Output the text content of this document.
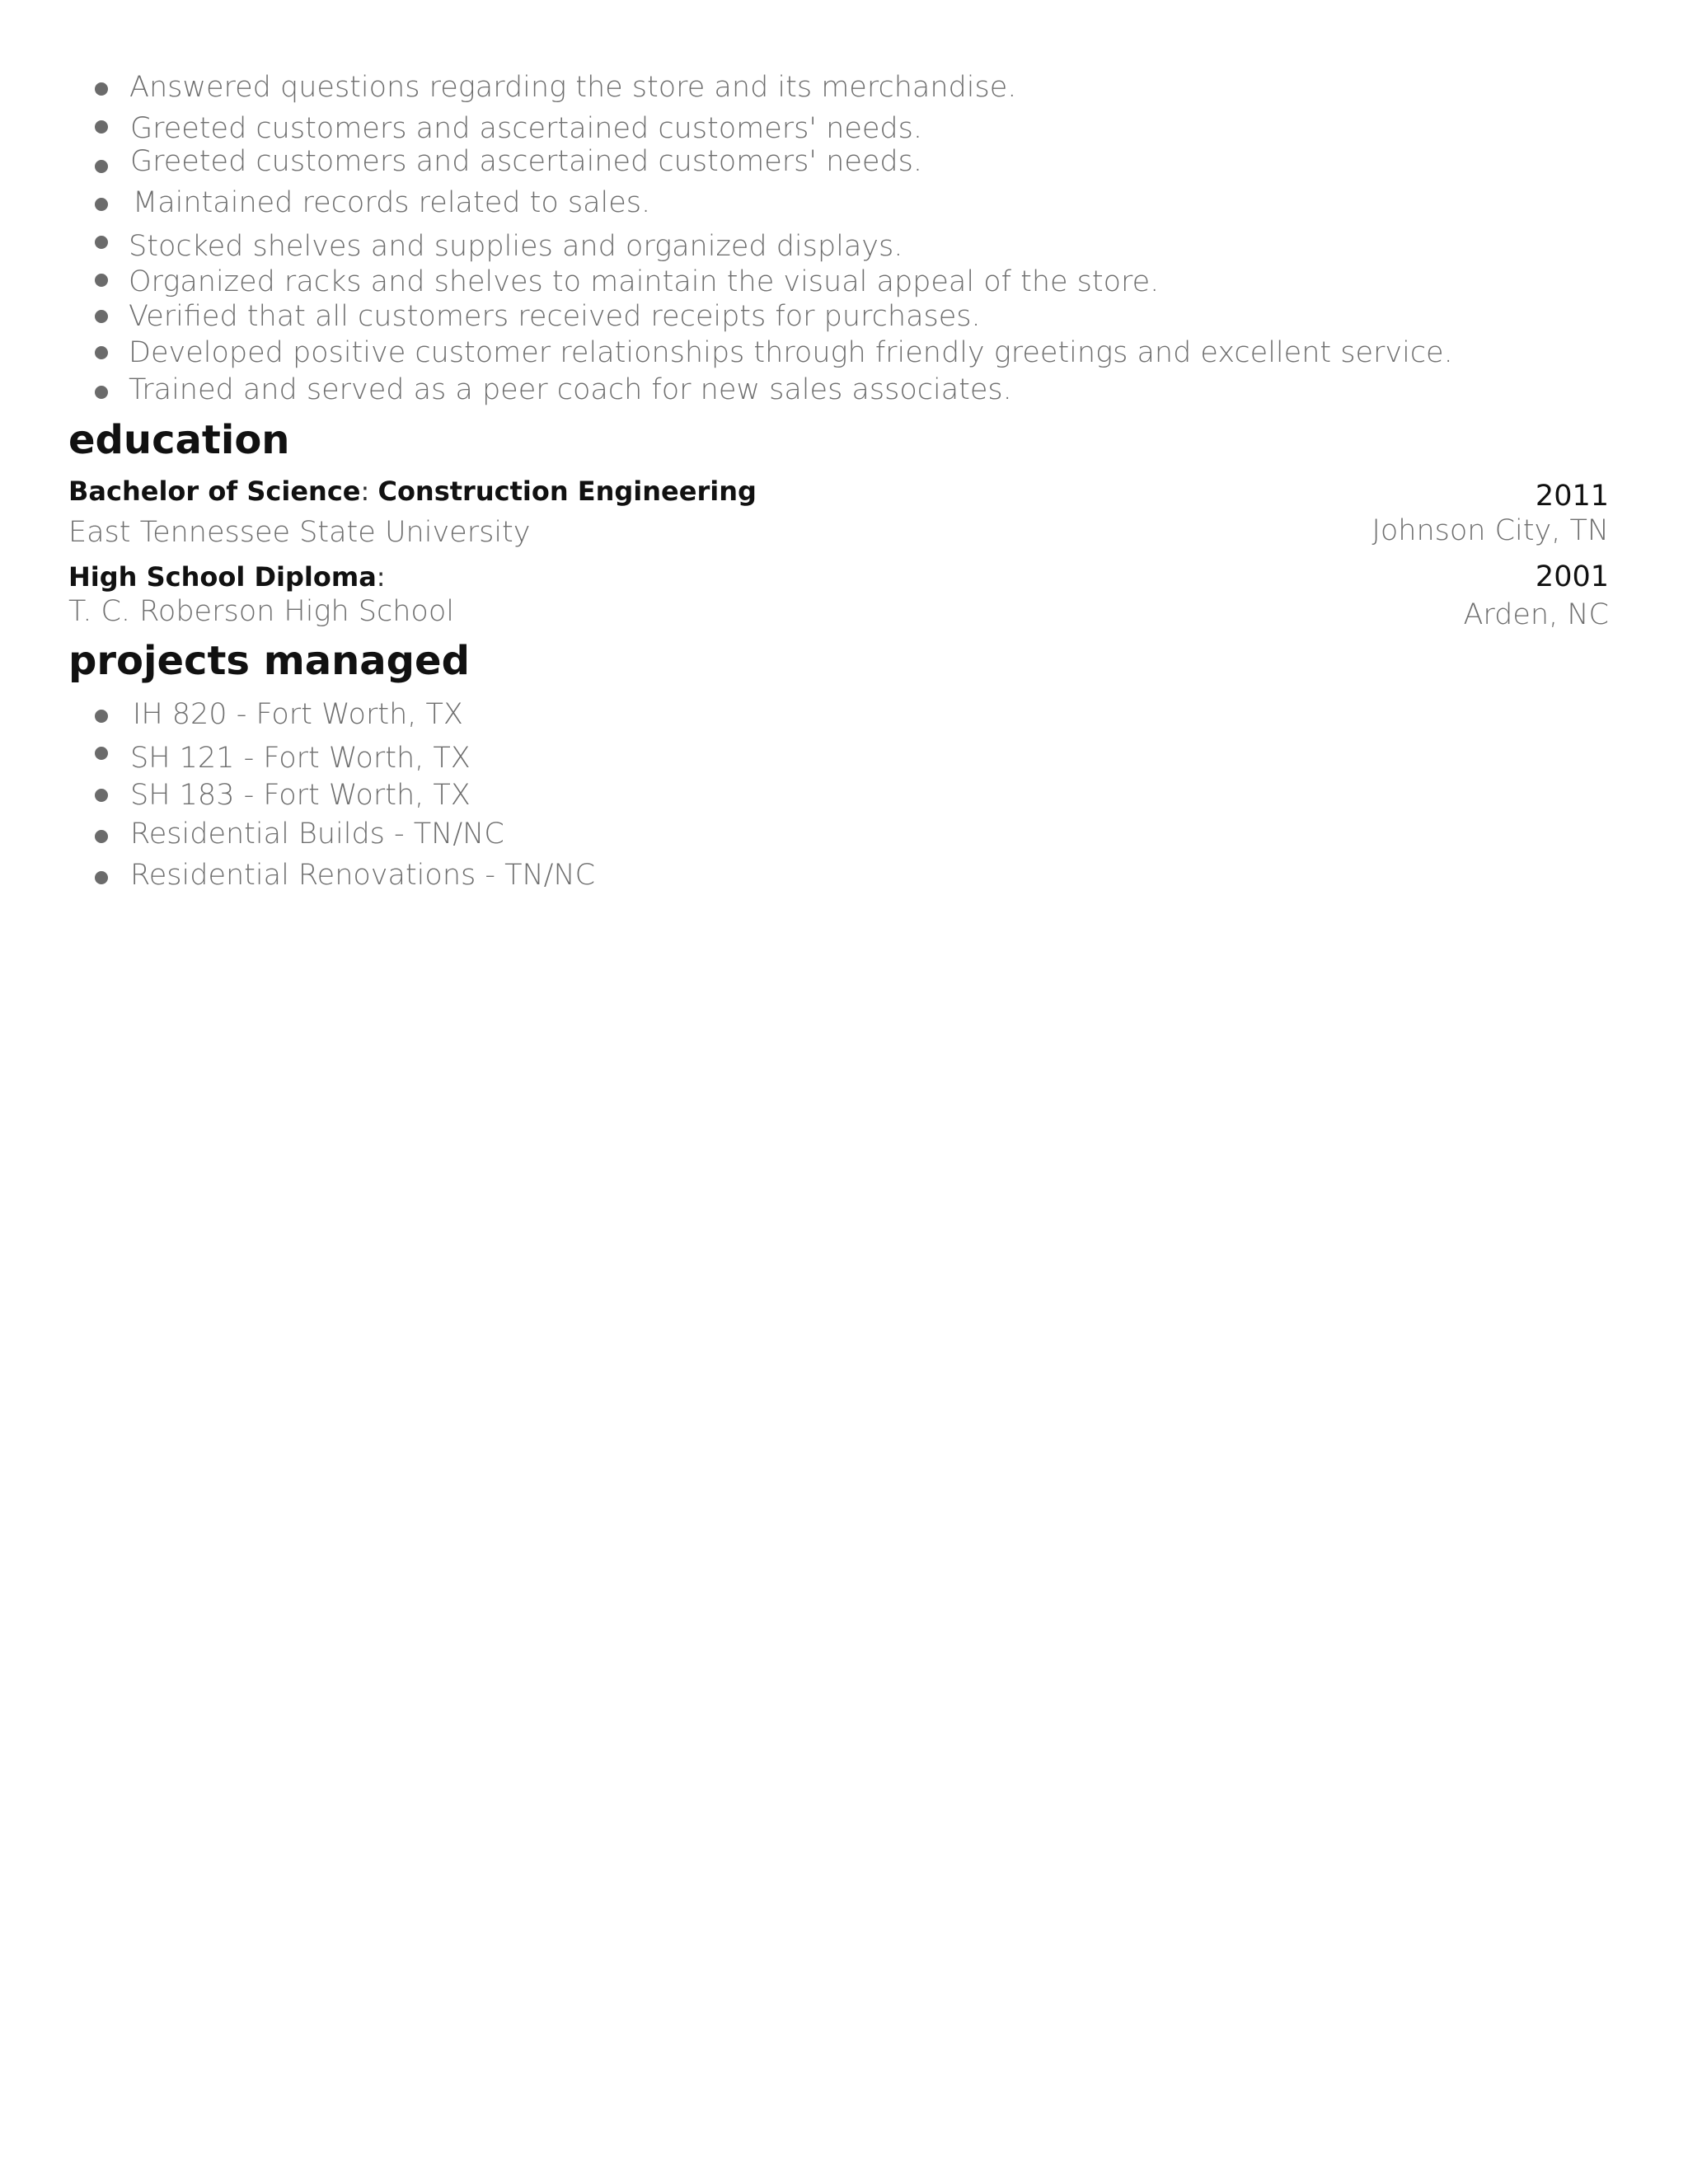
Answered questions regarding the store and its merchandise.
Greeted customers and ascertained customers' needs.
Greeted customers and ascertained customers' needs.
Maintained records related to sales.
Stocked shelves and supplies and organized displays.
Organized racks and shelves to maintain the visual appeal of the store.
Verified that all customers received receipts for purchases.
Developed positive customer relationships through friendly greetings and excellent service.
Trained and served as a peer coach for new sales associates.
education

Bachelor of Science: Construction Engineering	2011

East Tennessee State University	Johnson City, TN

High School Diploma:	2001

T. C. Roberson High School	Arden, NC

projects managed
IH 820 - Fort Worth, TX
SH 121 - Fort Worth, TX
SH 183 - Fort Worth, TX
Residential Builds - TN/NC
Residential Renovations - TN/NC
